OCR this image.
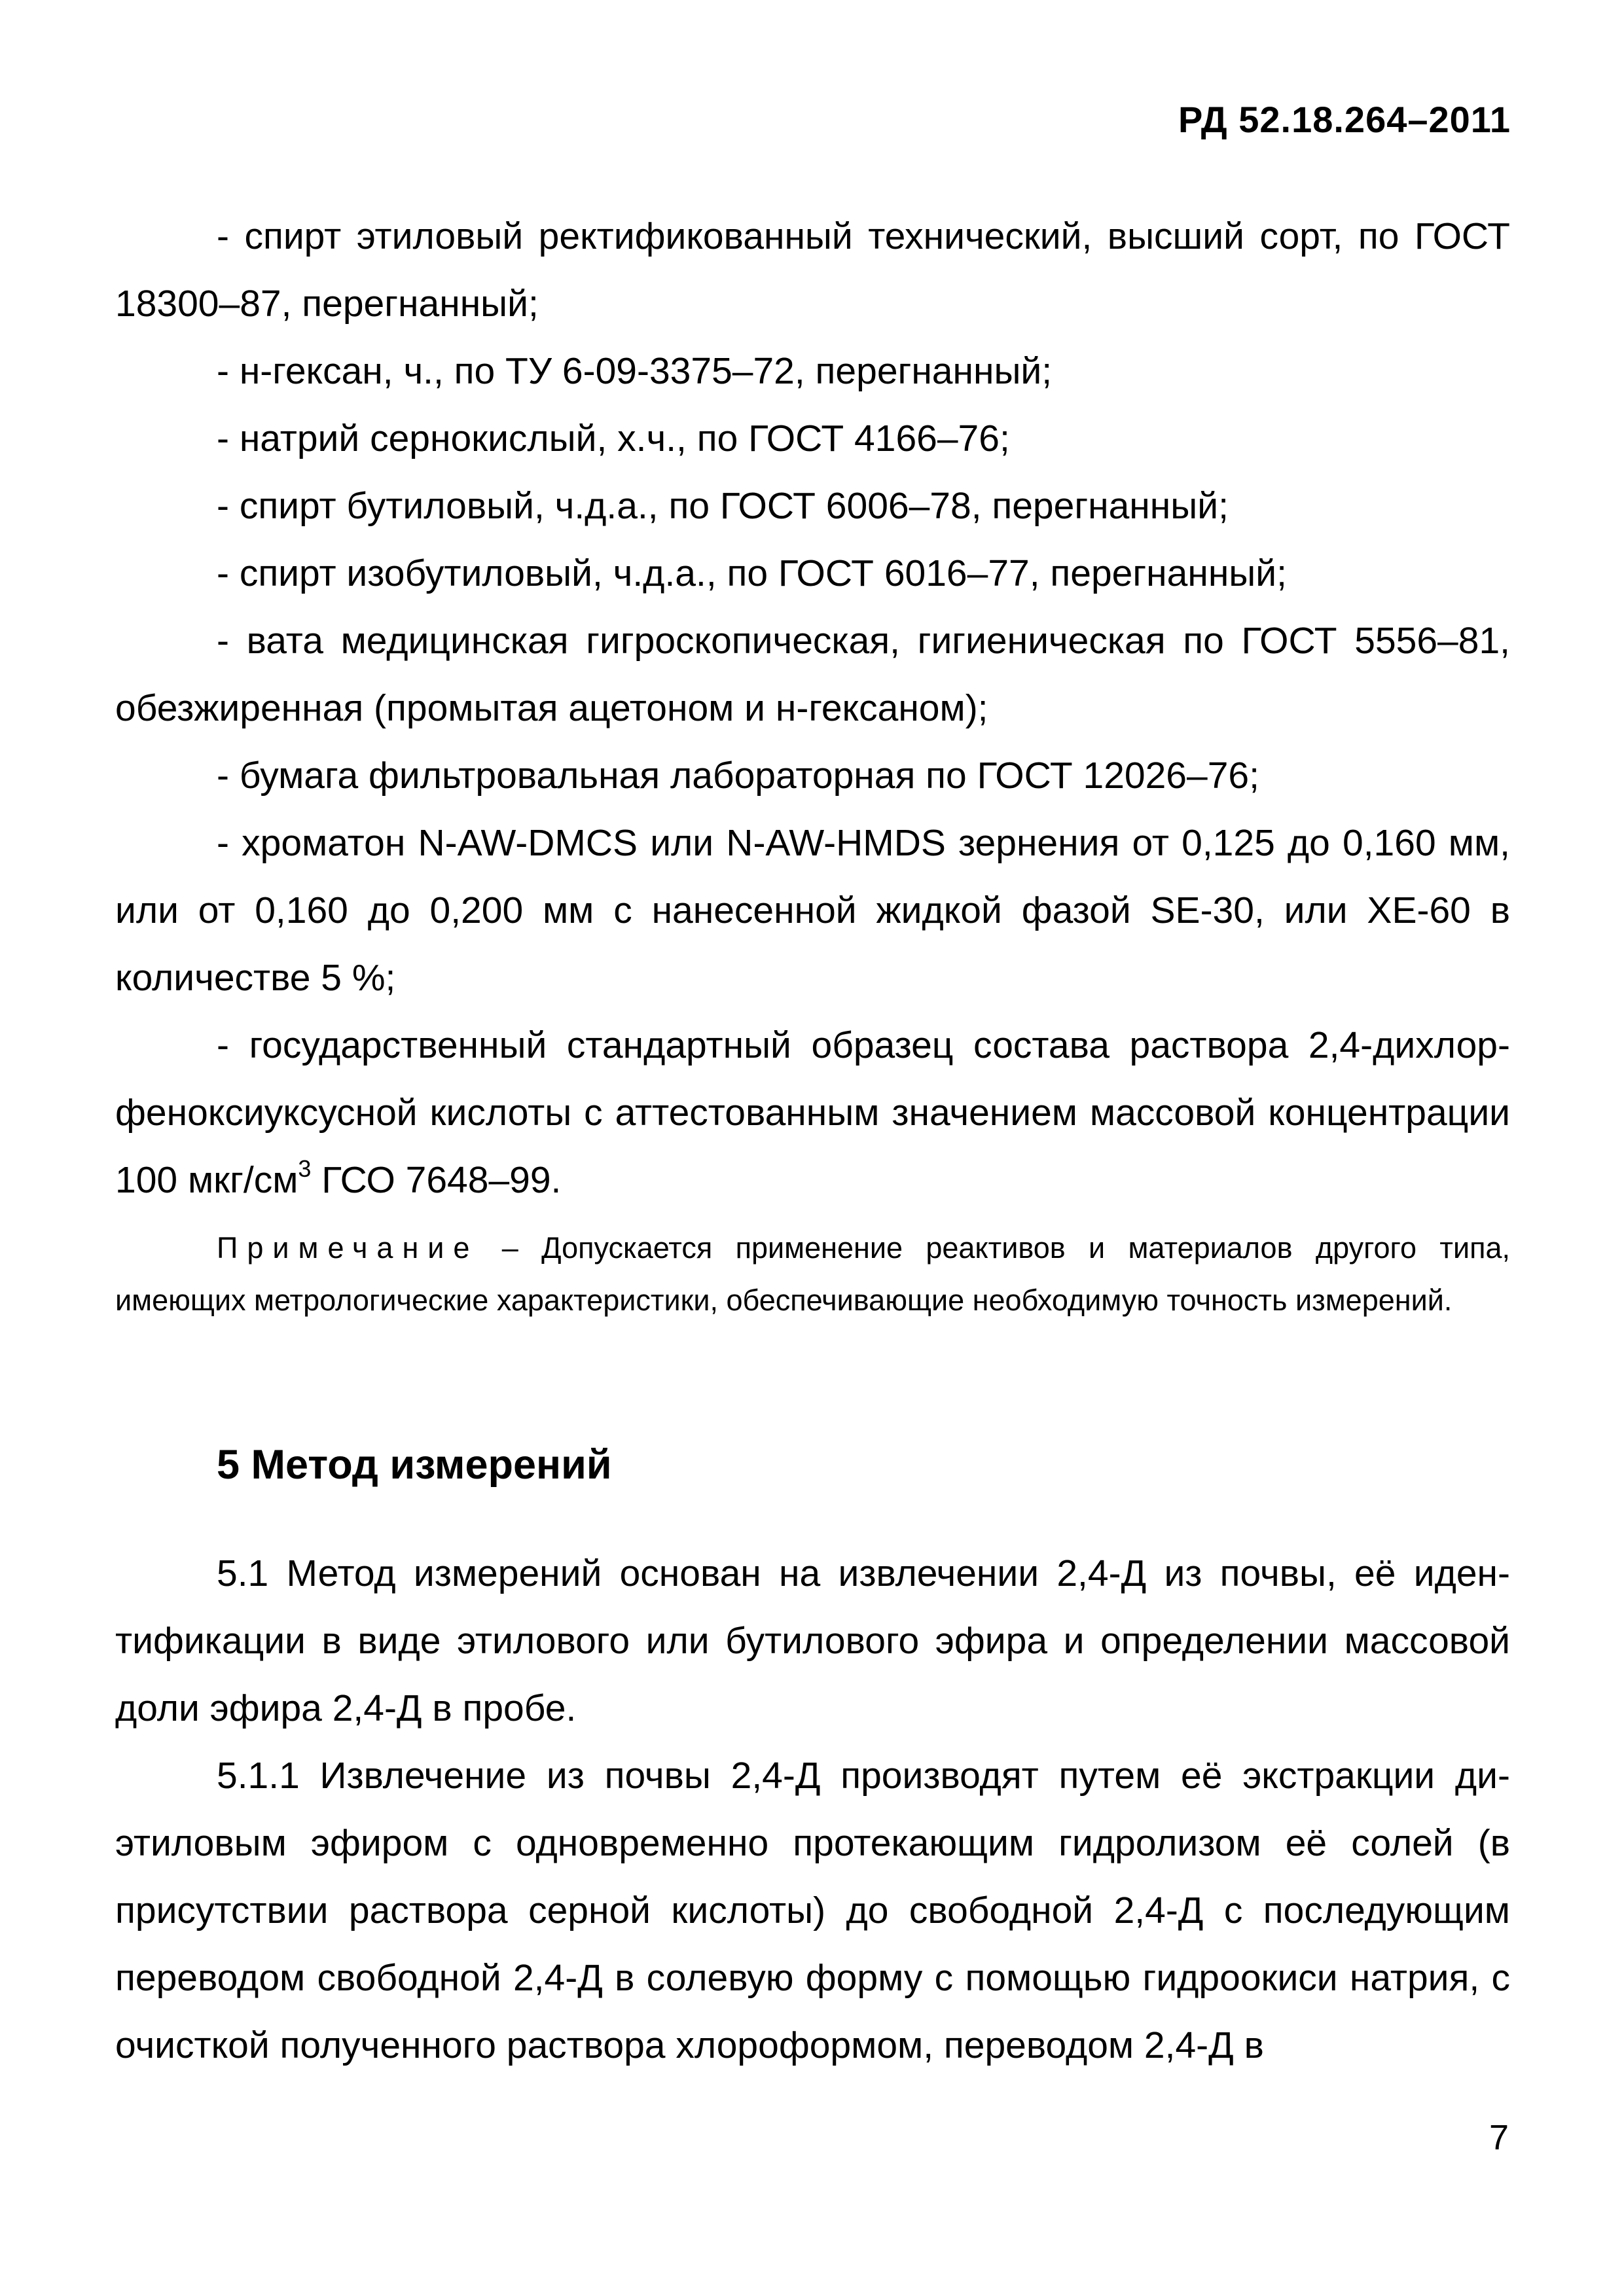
РД 52.18.264–2011

- спирт этиловый ректификованный технический, высший сорт, по ГОСТ 18300–87, перегнанный;

- н-гексан, ч., по ТУ 6-09-3375–72, перегнанный;

- натрий сернокислый, х.ч., по ГОСТ 4166–76;

- спирт бутиловый, ч.д.а., по ГОСТ 6006–78, перегнанный;

- спирт изобутиловый, ч.д.а., по ГОСТ 6016–77, перегнанный;

- вата медицинская гигроскопическая, гигиеническая по ГОСТ 5556–81, обезжиренная (промытая ацетоном и н-гексаном);

- бумага фильтровальная лабораторная по ГОСТ 12026–76;

- хроматон N-AW-DMCS или N-AW-HMDS зернения от 0,125 до 0,160 мм, или от 0,160 до 0,200 мм с нанесенной жидкой фазой SE-30, или XE-60 в количестве 5 %;

- государственный стандартный образец состава раствора 2,4-дихлорфеноксиуксусной кислоты с аттестованным значением массовой концентрации 100 мкг/$см^3$ ГСО 7648–99.

Примечание – Допускается применение реактивов и материалов другого типа, имеющих метрологические характеристики, обеспечивающие необходимую точность измерений.

5 Метод измерений

5.1 Метод измерений основан на извлечении 2,4-Д из почвы, её идентификации в виде этилового или бутилового эфира и определении массовой доли эфира 2,4-Д в пробе.

5.1.1 Извлечение из почвы 2,4-Д производят путем её экстракции диэтиловым эфиром с одновременно протекающим гидролизом её солей (в присутствии раствора серной кислоты) до свободной 2,4-Д с последующим переводом свободной 2,4-Д в солевую форму с помощью гидроокиси натрия, с очисткой полученного раствора хлороформом, переводом 2,4-Д в

7
